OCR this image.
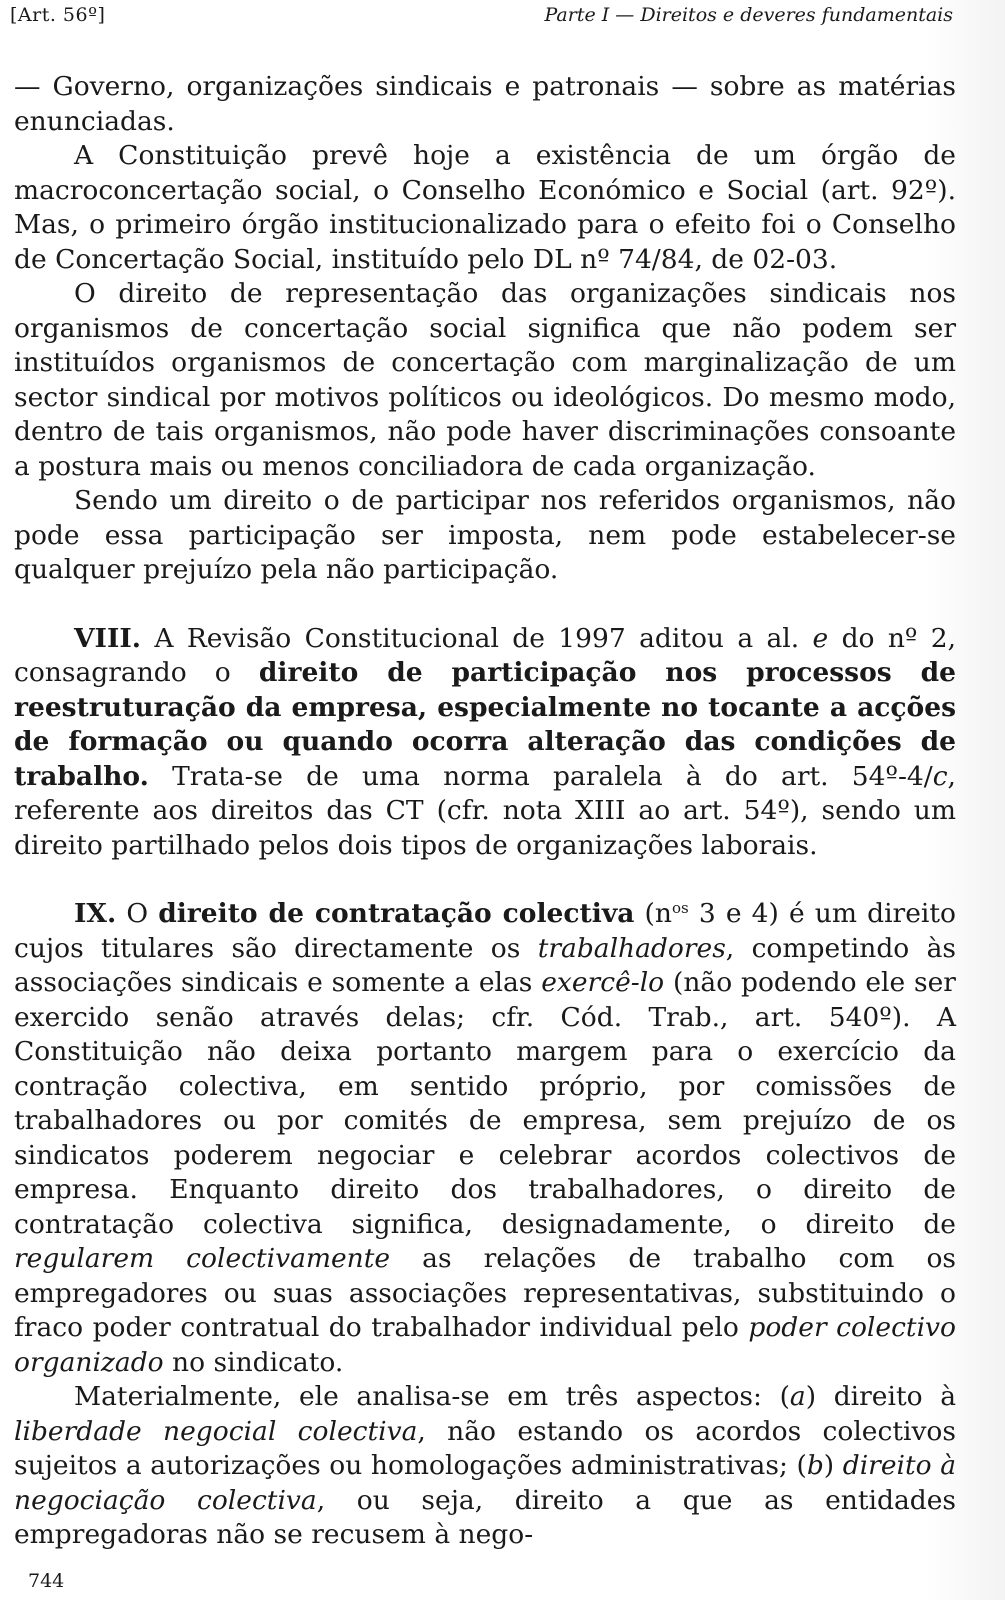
[Art. 56º]	Parte I — Direitos e deveres fundamentais

— Governo, organizações sindicais e patronais — sobre as matérias enunciadas.

A Constituição prevê hoje a existência de um órgão de macroconcertação social, o Conselho Económico e Social (art. 92º). Mas, o primeiro órgão institucionalizado para o efeito foi o Conselho de Concertação Social, instituído pelo DL nº 74/84, de 02-03.

O direito de representação das organizações sindicais nos organismos de concertação social significa que não podem ser instituídos organismos de concertação com marginalização de um sector sindical por motivos políticos ou ideológicos. Do mesmo modo, dentro de tais organismos, não pode haver discriminações consoante a postura mais ou menos conciliadora de cada organização.

Sendo um direito o de participar nos referidos organismos, não pode essa participação ser imposta, nem pode estabelecer-se qualquer prejuízo pela não participação.

VIII. A Revisão Constitucional de 1997 aditou a al. e do nº 2, consagrando o direito de participação nos processos de reestruturação da empresa, especialmente no tocante a acções de formação ou quando ocorra alteração das condições de trabalho. Trata-se de uma norma paralela à do art. 54º-4/c, referente aos direitos das CT (cfr. nota XIII ao art. 54º), sendo um direito partilhado pelos dois tipos de organizações laborais.

IX. O direito de contratação colectiva ($n^{os}$ 3 e 4) é um direito cujos titulares são directamente os trabalhadores, competindo às associações sindicais e somente a elas exercê-lo (não podendo ele ser exercido senão através delas; cfr. Cód. Trab., art. 540º). A Constituição não deixa portanto margem para o exercício da contração colectiva, em sentido próprio, por comissões de trabalhadores ou por comités de empresa, sem prejuízo de os sindicatos poderem negociar e celebrar acordos colectivos de empresa. Enquanto direito dos trabalhadores, o direito de contratação colectiva significa, designadamente, o direito de regularem colectivamente as relações de trabalho com os empregadores ou suas associações representativas, substituindo o fraco poder contratual do trabalhador individual pelo poder colectivo organizado no sindicato.

Materialmente, ele analisa-se em três aspectos: (a) direito à liberdade negocial colectiva, não estando os acordos colectivos sujeitos a autorizações ou homologações administrativas; (b) direito à negociação colectiva, ou seja, direito a que as entidades empregadoras não se recusem à nego-

744
